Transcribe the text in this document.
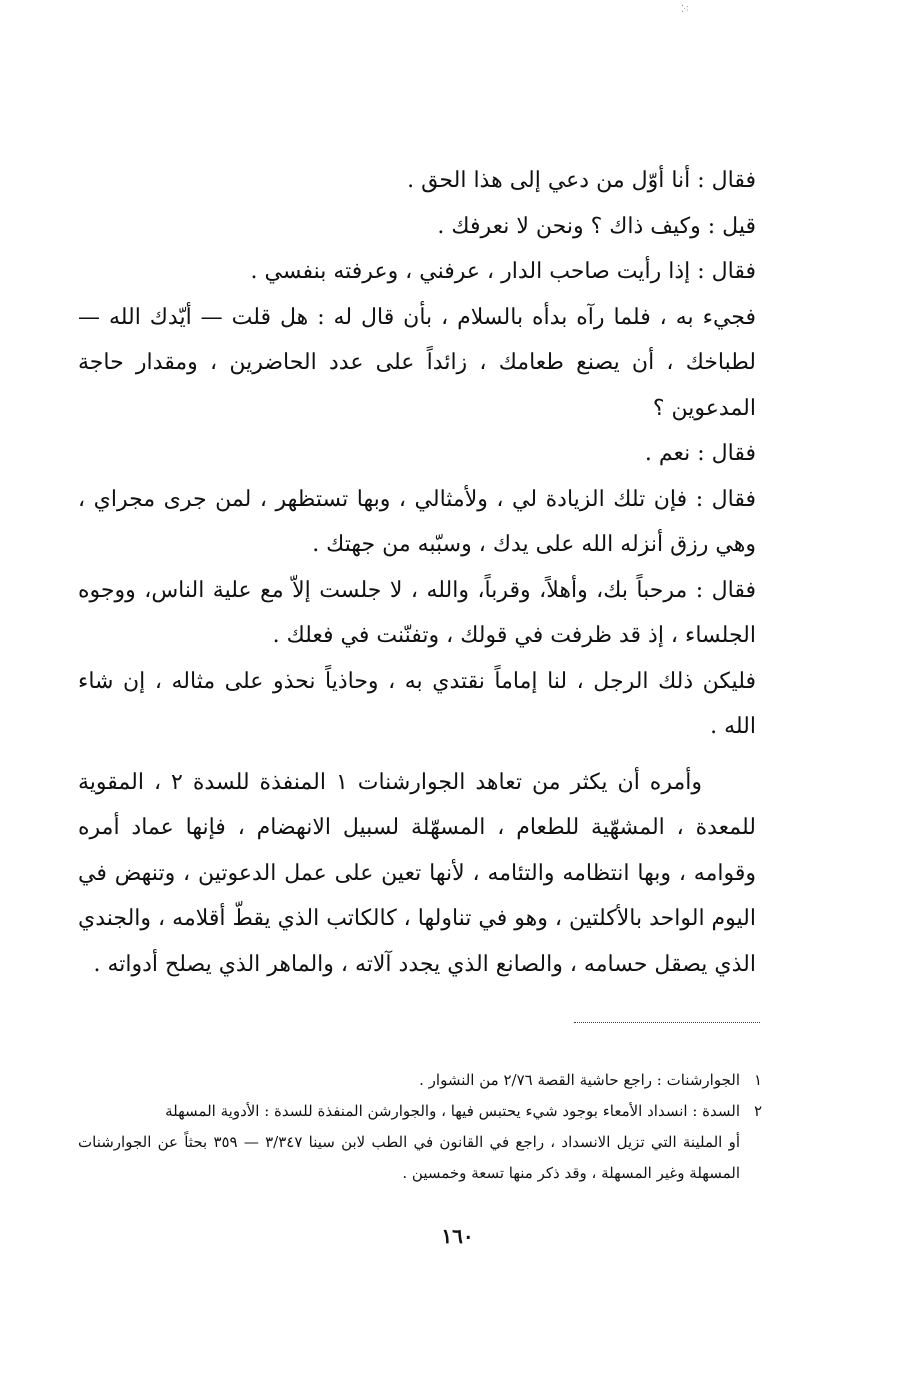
⁚⁖

فقال : أنا أوّل من دعي إلى هذا الحق .

قيل : وكيف ذاك ؟ ونحن لا نعرفك .

فقال : إذا رأيت صاحب الدار ، عرفني ، وعرفته بنفسي .

فجيء به ، فلما رآه بدأه بالسلام ، بأن قال له : هل قلت — أيّدك الله — لطباخك ، أن يصنع طعامك ، زائداً على عدد الحاضرين ، ومقدار حاجة المدعوين ؟

فقال : نعم .

فقال : فإن تلك الزيادة لي ، ولأمثالي ، وبها تستظهر ، لمن جرى مجراي ، وهي رزق أنزله الله على يدك ، وسبّبه من جهتك .

فقال : مرحباً بك، وأهلاً، وقرباً، والله ، لا جلست إلاّ مع علية الناس، ووجوه الجلساء ، إذ قد ظرفت في قولك ، وتفنّنت في فعلك .

فليكن ذلك الرجل ، لنا إماماً نقتدي به ، وحاذياً نحذو على مثاله ، إن شاء الله .

وأمره أن يكثر من تعاهد الجوارشنات ١ المنفذة للسدة ٢ ، المقوية للمعدة ، المشهّية للطعام ، المسهّلة لسبيل الانهضام ، فإنها عماد أمره وقوامه ، وبها انتظامه والتئامه ، لأنها تعين على عمل الدعوتين ، وتنهض في اليوم الواحد بالأكلتين ، وهو في تناولها ، كالكاتب الذي يقطّ أقلامه ، والجندي الذي يصقل حسامه ، والصانع الذي يجدد آلاته ، والماهر الذي يصلح أدواته .

١الجوارشنات : راجع حاشية القصة ٢/٧٦ من النشوار .

٢السدة : انسداد الأمعاء بوجود شيء يحتبس فيها ، والجوارشن المنفذة للسدة : الأدوية المسهلة

أو الملينة التي تزيل الانسداد ، راجع في القانون في الطب لابن سينا ٣/٣٤٧ — ٣٥٩ بحثاً عن الجوارشنات المسهلة وغير المسهلة ، وقد ذكر منها تسعة وخمسين .

١٦٠
